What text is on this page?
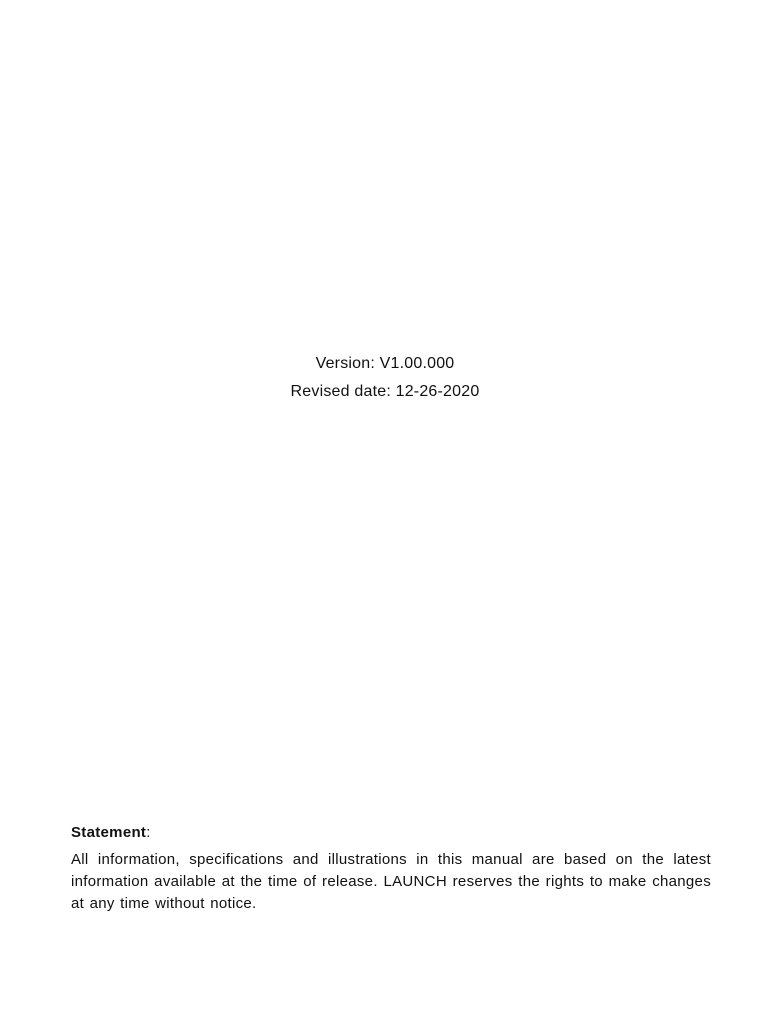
Version: V1.00.000
Revised date: 12-26-2020

Statement:

All information, specifications and illustrations in this manual are based on the latest information available at the time of release. LAUNCH reserves the rights to make changes at any time without notice.
